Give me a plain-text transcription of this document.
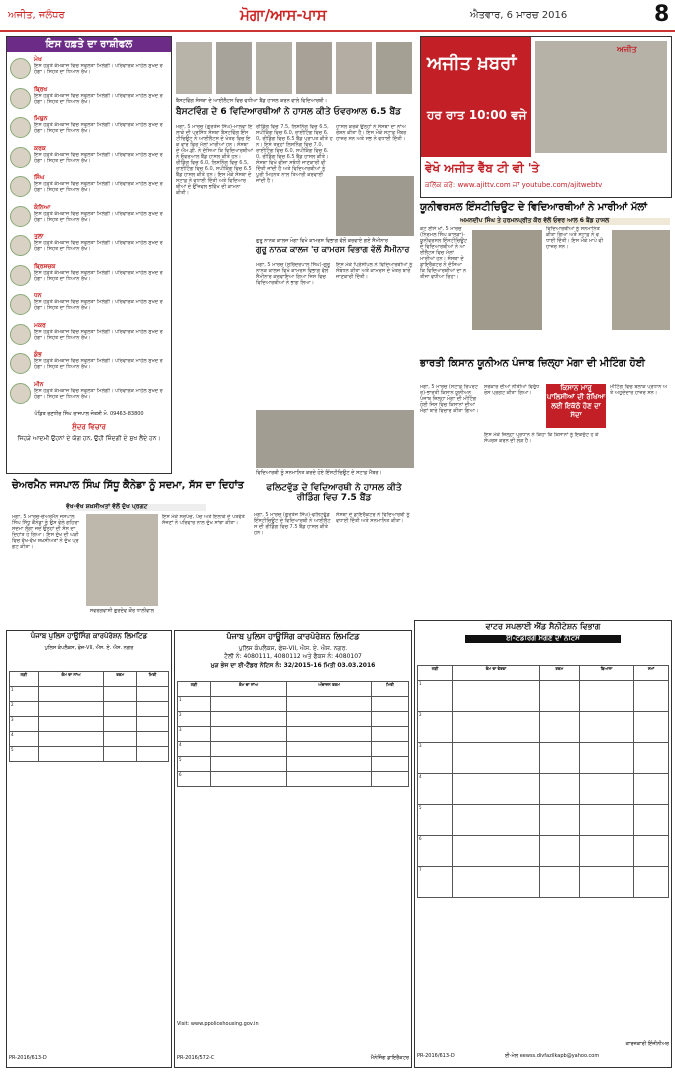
ਅਜੀਤ, ਜਲੰਧਰ	ਮੋਗਾ/ਆਸ-ਪਾਸ	ਐਤਵਾਰ, 6 ਮਾਰਚ 2016	8
ਇਸ ਹਫ਼ਤੇ ਦਾ ਰਾਸ਼ੀਫਲ
ਮੇਖ
ਇਸ ਹਫ਼ਤੇ ਕੰਮਕਾਜ ਵਿਚ ਸਫਲਤਾ ਮਿਲੇਗੀ। ਪਰਿਵਾਰਕ ਮਾਹੌਲ ਸੁਖਦ ਰਹੇਗਾ। ਸਿਹਤ ਦਾ ਧਿਆਨ ਰੱਖੋ।
ਬ੍ਰਿਖ
ਇਸ ਹਫ਼ਤੇ ਕੰਮਕਾਜ ਵਿਚ ਸਫਲਤਾ ਮਿਲੇਗੀ। ਪਰਿਵਾਰਕ ਮਾਹੌਲ ਸੁਖਦ ਰਹੇਗਾ। ਸਿਹਤ ਦਾ ਧਿਆਨ ਰੱਖੋ।
ਮਿਥੁਨ
ਇਸ ਹਫ਼ਤੇ ਕੰਮਕਾਜ ਵਿਚ ਸਫਲਤਾ ਮਿਲੇਗੀ। ਪਰਿਵਾਰਕ ਮਾਹੌਲ ਸੁਖਦ ਰਹੇਗਾ। ਸਿਹਤ ਦਾ ਧਿਆਨ ਰੱਖੋ।
ਕਰਕ
ਇਸ ਹਫ਼ਤੇ ਕੰਮਕਾਜ ਵਿਚ ਸਫਲਤਾ ਮਿਲੇਗੀ। ਪਰਿਵਾਰਕ ਮਾਹੌਲ ਸੁਖਦ ਰਹੇਗਾ। ਸਿਹਤ ਦਾ ਧਿਆਨ ਰੱਖੋ।
ਸਿੰਘ
ਇਸ ਹਫ਼ਤੇ ਕੰਮਕਾਜ ਵਿਚ ਸਫਲਤਾ ਮਿਲੇਗੀ। ਪਰਿਵਾਰਕ ਮਾਹੌਲ ਸੁਖਦ ਰਹੇਗਾ। ਸਿਹਤ ਦਾ ਧਿਆਨ ਰੱਖੋ।
ਕੰਨਿਆ
ਇਸ ਹਫ਼ਤੇ ਕੰਮਕਾਜ ਵਿਚ ਸਫਲਤਾ ਮਿਲੇਗੀ। ਪਰਿਵਾਰਕ ਮਾਹੌਲ ਸੁਖਦ ਰਹੇਗਾ। ਸਿਹਤ ਦਾ ਧਿਆਨ ਰੱਖੋ।
ਤੁਲਾ
ਇਸ ਹਫ਼ਤੇ ਕੰਮਕਾਜ ਵਿਚ ਸਫਲਤਾ ਮਿਲੇਗੀ। ਪਰਿਵਾਰਕ ਮਾਹੌਲ ਸੁਖਦ ਰਹੇਗਾ। ਸਿਹਤ ਦਾ ਧਿਆਨ ਰੱਖੋ।
ਬ੍ਰਿਸ਼ਚਕ
ਇਸ ਹਫ਼ਤੇ ਕੰਮਕਾਜ ਵਿਚ ਸਫਲਤਾ ਮਿਲੇਗੀ। ਪਰਿਵਾਰਕ ਮਾਹੌਲ ਸੁਖਦ ਰਹੇਗਾ। ਸਿਹਤ ਦਾ ਧਿਆਨ ਰੱਖੋ।
ਧਨ
ਇਸ ਹਫ਼ਤੇ ਕੰਮਕਾਜ ਵਿਚ ਸਫਲਤਾ ਮਿਲੇਗੀ। ਪਰਿਵਾਰਕ ਮਾਹੌਲ ਸੁਖਦ ਰਹੇਗਾ। ਸਿਹਤ ਦਾ ਧਿਆਨ ਰੱਖੋ।
ਮਕਰ
ਇਸ ਹਫ਼ਤੇ ਕੰਮਕਾਜ ਵਿਚ ਸਫਲਤਾ ਮਿਲੇਗੀ। ਪਰਿਵਾਰਕ ਮਾਹੌਲ ਸੁਖਦ ਰਹੇਗਾ। ਸਿਹਤ ਦਾ ਧਿਆਨ ਰੱਖੋ।
ਕੁੰਭ
ਇਸ ਹਫ਼ਤੇ ਕੰਮਕਾਜ ਵਿਚ ਸਫਲਤਾ ਮਿਲੇਗੀ। ਪਰਿਵਾਰਕ ਮਾਹੌਲ ਸੁਖਦ ਰਹੇਗਾ। ਸਿਹਤ ਦਾ ਧਿਆਨ ਰੱਖੋ।
ਮੀਨ
ਇਸ ਹਫ਼ਤੇ ਕੰਮਕਾਜ ਵਿਚ ਸਫਲਤਾ ਮਿਲੇਗੀ। ਪਰਿਵਾਰਕ ਮਾਹੌਲ ਸੁਖਦ ਰਹੇਗਾ। ਸਿਹਤ ਦਾ ਧਿਆਨ ਰੱਖੋ।
ਪੰਡਿਤ ਰਣਧੀਰ ਸਿੰਘ ਰਾਜਪਾਲ ਜੋਤਸ਼ੀ ਮੋ. 09463-83800
ਸੁੰਦਰ ਵਿਚਾਰ
ਜਿਹੜੇ ਆਦਮੀ ਉਹਨਾਂ ਦੇ ਯੋਗ ਹਨ, ਉਹੀ ਜ਼ਿੰਦਗੀ ਦੇ ਸੁਖ ਲੈਂਦੇ ਹਨ।
ਬੈਸਟਵਿੰਗ ਸੰਸਥਾ ਦੇ ਆਈਲੈਟਸ ਵਿਚ ਵਧੀਆ ਬੈਂਡ ਹਾਸਲ ਕਰਨ ਵਾਲੇ ਵਿਦਿਆਰਥੀ।
ਬੈਸਟਵਿੰਗ ਦੇ 6 ਵਿਦਿਆਰਥੀਆਂ ਨੇ ਹਾਸਲ ਕੀਤੇ ਓਵਰਆਲ 6.5 ਬੈਂਡ
ਮੋਗਾ, 5 ਮਾਰਚ (ਗੁਰਤੇਜ ਸਿੰਘ)-ਮਾਲਵਾ ਇਲਾਕੇ ਦੀ ਪ੍ਰਸਿੱਧ ਸੰਸਥਾ ਬੈਸਟਵਿੰਗ ਇੰਸਟੀਚਿਊਟ ਨੇ ਆਈਲੈਟਸ ਦੇ ਖੇਤਰ ਵਿਚ ਇਕ ਵਾਰ ਫਿਰ ਮੱਲਾਂ ਮਾਰੀਆਂ ਹਨ। ਸੰਸਥਾ ਦੇ ਐਮ.ਡੀ. ਨੇ ਦੱਸਿਆ ਕਿ ਵਿਦਿਆਰਥੀਆਂ ਨੇ ਓਵਰਆਲ ਬੈਂਡ ਹਾਸਲ ਕੀਤੇ ਹਨ। ਰੀਡਿੰਗ ਵਿਚ 6.0, ਲਿਸਨਿੰਗ ਵਿਚ 6.5, ਰਾਈਟਿੰਗ ਵਿਚ 6.0, ਸਪੀਕਿੰਗ ਵਿਚ 6.5 ਬੈਂਡ ਹਾਸਲ ਕੀਤੇ ਹਨ। ਇਸ ਮੌਕੇ ਸੰਸਥਾ ਦੇ ਸਟਾਫ਼ ਨੇ ਵਧਾਈ ਦਿੱਤੀ ਅਤੇ ਵਿਦਿਆਰਥੀਆਂ ਦੇ ਉੱਜਵਲ ਭਵਿੱਖ ਦੀ ਕਾਮਨਾ ਕੀਤੀ।
ਰੀਡਿੰਗ ਵਿਚ 7.5, ਲਿਸਨਿੰਗ ਵਿਚ 6.5, ਸਪੀਕਿੰਗ ਵਿਚ 6.0, ਰਾਈਟਿੰਗ ਵਿਚ 6.0, ਰੀਡਿੰਗ ਵਿਚ 6.5 ਬੈਂਡ ਪ੍ਰਾਪਤ ਕੀਤੇ ਹਨ। ਇਸੇ ਤਰ੍ਹਾਂ ਲਿਸਨਿੰਗ ਵਿਚ 7.0, ਰਾਈਟਿੰਗ ਵਿਚ 6.0, ਸਪੀਕਿੰਗ ਵਿਚ 6.0, ਰੀਡਿੰਗ ਵਿਚ 6.5 ਬੈਂਡ ਹਾਸਲ ਕੀਤੇ। ਸੰਸਥਾ ਵਿਖੇ ਵੀਜ਼ਾ ਸਬੰਧੀ ਜਾਣਕਾਰੀ ਵੀ ਦਿੱਤੀ ਜਾਂਦੀ ਹੈ ਅਤੇ ਵਿਦਿਆਰਥੀਆਂ ਨੂੰ ਪੂਰੀ ਮਿਹਨਤ ਨਾਲ ਤਿਆਰੀ ਕਰਵਾਈ ਜਾਂਦੀ ਹੈ।
ਹਾਸਲ ਕਰਕੇ ਉਨ੍ਹਾਂ ਨੇ ਸੰਸਥਾ ਦਾ ਨਾਂਅ ਰੌਸ਼ਨ ਕੀਤਾ ਹੈ। ਇਸ ਮੌਕੇ ਸਟਾਫ਼ ਮੈਂਬਰ ਹਾਜ਼ਰ ਸਨ ਅਤੇ ਸਭ ਨੇ ਵਧਾਈ ਦਿੱਤੀ।
ਗੁਰੂ ਨਾਨਕ ਕਾਲਜ ਮੋਗਾ ਵਿਖੇ ਕਾਮਰਸ ਵਿਭਾਗ ਵੱਲੋਂ ਕਰਵਾਏ ਗਏ ਸੈਮੀਨਾਰ
ਗੁਰੂ ਨਾਨਕ ਕਾਲਜ 'ਚ ਕਾਮਰਸ ਵਿਭਾਗ ਵੱਲੋਂ ਸੈਮੀਨਾਰ
ਮੋਗਾ, 5 ਮਾਰਚ (ਸੁਰਿੰਦਰਪਾਲ ਸਿੰਘ)-ਗੁਰੂ ਨਾਨਕ ਕਾਲਜ ਵਿਖੇ ਕਾਮਰਸ ਵਿਭਾਗ ਵੱਲੋਂ ਸੈਮੀਨਾਰ ਕਰਵਾਇਆ ਗਿਆ ਜਿਸ ਵਿਚ ਵਿਦਿਆਰਥੀਆਂ ਨੇ ਭਾਗ ਲਿਆ।
ਇਸ ਮੌਕੇ ਪ੍ਰਿੰਸੀਪਲ ਨੇ ਵਿਦਿਆਰਥੀਆਂ ਨੂੰ ਸੰਬੋਧਨ ਕੀਤਾ ਅਤੇ ਕਾਮਰਸ ਦੇ ਖੇਤਰ ਬਾਰੇ ਜਾਣਕਾਰੀ ਦਿੱਤੀ।
ਵਿਦਿਆਰਥੀ ਨੂੰ ਸਨਮਾਨਿਤ ਕਰਦੇ ਹੋਏ ਇੰਸਟੀਚਿਊਟ ਦੇ ਸਟਾਫ਼ ਮੈਂਬਰ।
ਅਜੀਤ ਖ਼ਬਰਾਂ
ਹਰ ਰਾਤ 10:00 ਵਜੇ
ਅਜੀਤ
ਵੇਖੋ ਅਜੀਤ ਵੈੱਬ ਟੀ ਵੀ 'ਤੇ
ਕਲਿੱਕ ਕਰੋ: www.ajittv.com ਜਾਂ youtube.com/ajitwebtv
ਯੂਨੀਵਰਸਲ ਇੰਸਟੀਚਿਊਟ ਦੇ ਵਿਦਿਆਰਥੀਆਂ ਨੇ ਮਾਰੀਆਂ ਮੱਲਾਂ
ਅਮਨਦੀਪ ਸਿੰਘ ਤੇ ਹਰਮਨਪ੍ਰੀਤ ਕੌਰ ਵੱਲੋਂ ਓਵਰ ਆਲ 6 ਬੈਂਡ ਹਾਸਲ
ਕੋਟ ਈਸੇ ਖਾਂ, 5 ਮਾਰਚ (ਨਿਰਮਲ ਸਿੰਘ ਕਾਲੜਾ)-ਯੂਨੀਵਰਸਲ ਇੰਸਟੀਚਿਊਟ ਦੇ ਵਿਦਿਆਰਥੀਆਂ ਨੇ ਆਈਲੈਟਸ ਵਿਚ ਮੱਲਾਂ ਮਾਰੀਆਂ ਹਨ। ਸੰਸਥਾ ਦੇ ਡਾਇਰੈਕਟਰ ਨੇ ਦੱਸਿਆ ਕਿ ਵਿਦਿਆਰਥੀਆਂ ਦਾ ਨਤੀਜਾ ਵਧੀਆ ਰਿਹਾ।
ਵਿਦਿਆਰਥੀਆਂ ਨੂੰ ਸਨਮਾਨਿਤ ਕੀਤਾ ਗਿਆ ਅਤੇ ਸਟਾਫ਼ ਨੇ ਵਧਾਈ ਦਿੱਤੀ। ਇਸ ਮੌਕੇ ਮਾਪੇ ਵੀ ਹਾਜ਼ਰ ਸਨ।
ਭਾਰਤੀ ਕਿਸਾਨ ਯੂਨੀਅਨ ਪੰਜਾਬ ਜ਼ਿਲ੍ਹਾ ਮੋਗਾ ਦੀ ਮੀਟਿੰਗ ਹੋਈ
ਮੋਗਾ, 5 ਮਾਰਚ (ਸਟਾਫ਼ ਰਿਪੋਰਟਰ)-ਭਾਰਤੀ ਕਿਸਾਨ ਯੂਨੀਅਨ ਪੰਜਾਬ ਜ਼ਿਲ੍ਹਾ ਮੋਗਾ ਦੀ ਮੀਟਿੰਗ ਹੋਈ ਜਿਸ ਵਿਚ ਕਿਸਾਨਾਂ ਦੀਆਂ ਮੰਗਾਂ ਬਾਰੇ ਵਿਚਾਰ ਕੀਤਾ ਗਿਆ।
ਸਰਕਾਰ ਦੀਆਂ ਨੀਤੀਆਂ ਵਿਰੁੱਧ ਰੋਸ ਪ੍ਰਗਟ ਕੀਤਾ ਗਿਆ।
ਕਿਸਾਨ ਮਾਰੂ ਪਾਲਿਸੀਆਂ ਦੀ ਰੱਖਿਆ ਲਈ ਇਕੱਠੇ ਹੋਣ ਦਾ ਸੱਦਾ
ਇਸ ਮੌਕੇ ਜ਼ਿਲ੍ਹਾ ਪ੍ਰਧਾਨ ਨੇ ਕਿਹਾ ਕਿ ਕਿਸਾਨਾਂ ਨੂੰ ਇਕਜੁੱਟ ਹੋ ਕੇ ਸੰਘਰਸ਼ ਕਰਨ ਦੀ ਲੋੜ ਹੈ।
ਮੀਟਿੰਗ ਵਿਚ ਬਲਾਕ ਪ੍ਰਧਾਨ ਅਤੇ ਅਹੁਦੇਦਾਰ ਹਾਜ਼ਰ ਸਨ।
ਚੇਅਰਮੈਨ ਜਸਪਾਲ ਸਿੰਘ ਸਿੱਧੂ ਕੈਨੇਡਾ ਨੂੰ ਸਦਮਾ, ਸੱਸ ਦਾ ਦਿਹਾਂਤ
ਵੱਖ-ਵੱਖ ਸ਼ਖ਼ਸੀਅਤਾਂ ਵੱਲੋਂ ਦੁੱਖ ਪ੍ਰਗਟ
ਮੋਗਾ, 5 ਮਾਰਚ-ਚੇਅਰਮੈਨ ਜਸਪਾਲ ਸਿੰਘ ਸਿੱਧੂ ਕੈਨੇਡਾ ਨੂੰ ਉਸ ਵੇਲੇ ਗਹਿਰਾ ਸਦਮਾ ਲੱਗਾ ਜਦੋਂ ਉਨ੍ਹਾਂ ਦੀ ਸੱਸ ਦਾ ਦਿਹਾਂਤ ਹੋ ਗਿਆ। ਇਸ ਦੁੱਖ ਦੀ ਘੜੀ ਵਿਚ ਵੱਖ-ਵੱਖ ਸ਼ਖ਼ਸੀਅਤਾਂ ਨੇ ਦੁੱਖ ਪ੍ਰਗਟ ਕੀਤਾ।
ਸਵਰਗਵਾਸੀ ਗੁਰਦੇਵ ਕੌਰ ਧਾਲੀਵਾਲ
ਇਸ ਮੌਕੇ ਸਰਪੰਚ, ਪੰਚ ਅਤੇ ਇਲਾਕੇ ਦੇ ਪਤਵੰਤੇ ਸੱਜਣਾਂ ਨੇ ਪਰਿਵਾਰ ਨਾਲ ਦੁੱਖ ਸਾਂਝਾ ਕੀਤਾ।
ਫਲਿਟਵੁੱਡ ਦੇ ਵਿਦਿਆਰਥੀ ਨੇ ਹਾਸਲ ਕੀਤੇ ਰੀਡਿੰਗ ਵਿਚ 7.5 ਬੈਂਡ
ਮੋਗਾ, 5 ਮਾਰਚ (ਗੁਰਤੇਜ ਸਿੰਘ)-ਫਲਿਟਵੁੱਡ ਇੰਸਟੀਚਿਊਟ ਦੇ ਵਿਦਿਆਰਥੀ ਨੇ ਆਈਲੈਟਸ ਦੀ ਰੀਡਿੰਗ ਵਿਚ 7.5 ਬੈਂਡ ਹਾਸਲ ਕੀਤੇ ਹਨ।
ਸੰਸਥਾ ਦੇ ਡਾਇਰੈਕਟਰ ਨੇ ਵਿਦਿਆਰਥੀ ਨੂੰ ਵਧਾਈ ਦਿੱਤੀ ਅਤੇ ਸਨਮਾਨਿਤ ਕੀਤਾ।
ਪੰਜਾਬ ਪੁਲਿਸ ਹਾਊਸਿੰਗ ਕਾਰਪੋਰੇਸ਼ਨ ਲਿਮਟਿਡ
ਪੁਲਿਸ ਕੰਪਲੈਕਸ, ਫੇਜ਼-VII, ਐਸ. ਏ. ਐਸ. ਨਗਰ
ਲੜੀ	ਕੰਮ ਦਾ ਨਾਂਅ	ਰਕਮ	ਮਿਤੀ
1			
2			
3			
4			
5			
PR-2016/613-D
ਪੰਜਾਬ ਪੁਲਿਸ ਹਾਊਸਿੰਗ ਕਾਰਪੋਰੇਸ਼ਨ ਲਿਮਟਿਡ
ਪੁਲਿਸ ਕੰਪਲੈਕਸ, ਫੇਜ਼-VII, ਐਸ. ਏ. ਐਸ. ਨਗਰ.
ਟੈਲੀ ਨੰ: 4080111, 4080112 ਅਤੇ ਫੈਕਸ ਨੰ: 4080107
ਮੁੜ ਭੇਜ ਦਾ ਈ-ਟੈਂਡਰ ਨੋਟਿਸ ਨੰ: 32/2015-16 ਮਿਤੀ 03.03.2016
ਲੜੀ	ਕੰਮ ਦਾ ਨਾਂਅ	ਅੰਦਾਜ਼ਨ ਰਕਮ	ਮਿਤੀ
1			
2			
3			
4			
5			
6			
Visit: www.ppolicehousing.gov.in
PR-2016/572-C	ਮੈਨੇਜਿੰਗ ਡਾਇਰੈਕਟਰ
ਵਾਟਰ ਸਪਲਾਈ ਐਂਡ ਸੈਨੀਟੇਸ਼ਨ ਵਿਭਾਗ
ਈ-ਟੈਂਡਰਿੰਗ ਮੰਗਣ ਦਾ ਨੋਟਿਸ
ਲੜੀ	ਕੰਮ ਦਾ ਵੇਰਵਾ	ਰਕਮ	ਬਿਆਨਾ	ਸਮਾਂ
1				
2				
3				
4				
5				
6				
7				
PR-2016/613-D	ਈ-ਮੇਲ eewss.divfazilkapb@yahoo.com
ਕਾਰਜਕਾਰੀ ਇੰਜੀਨੀਅਰ
